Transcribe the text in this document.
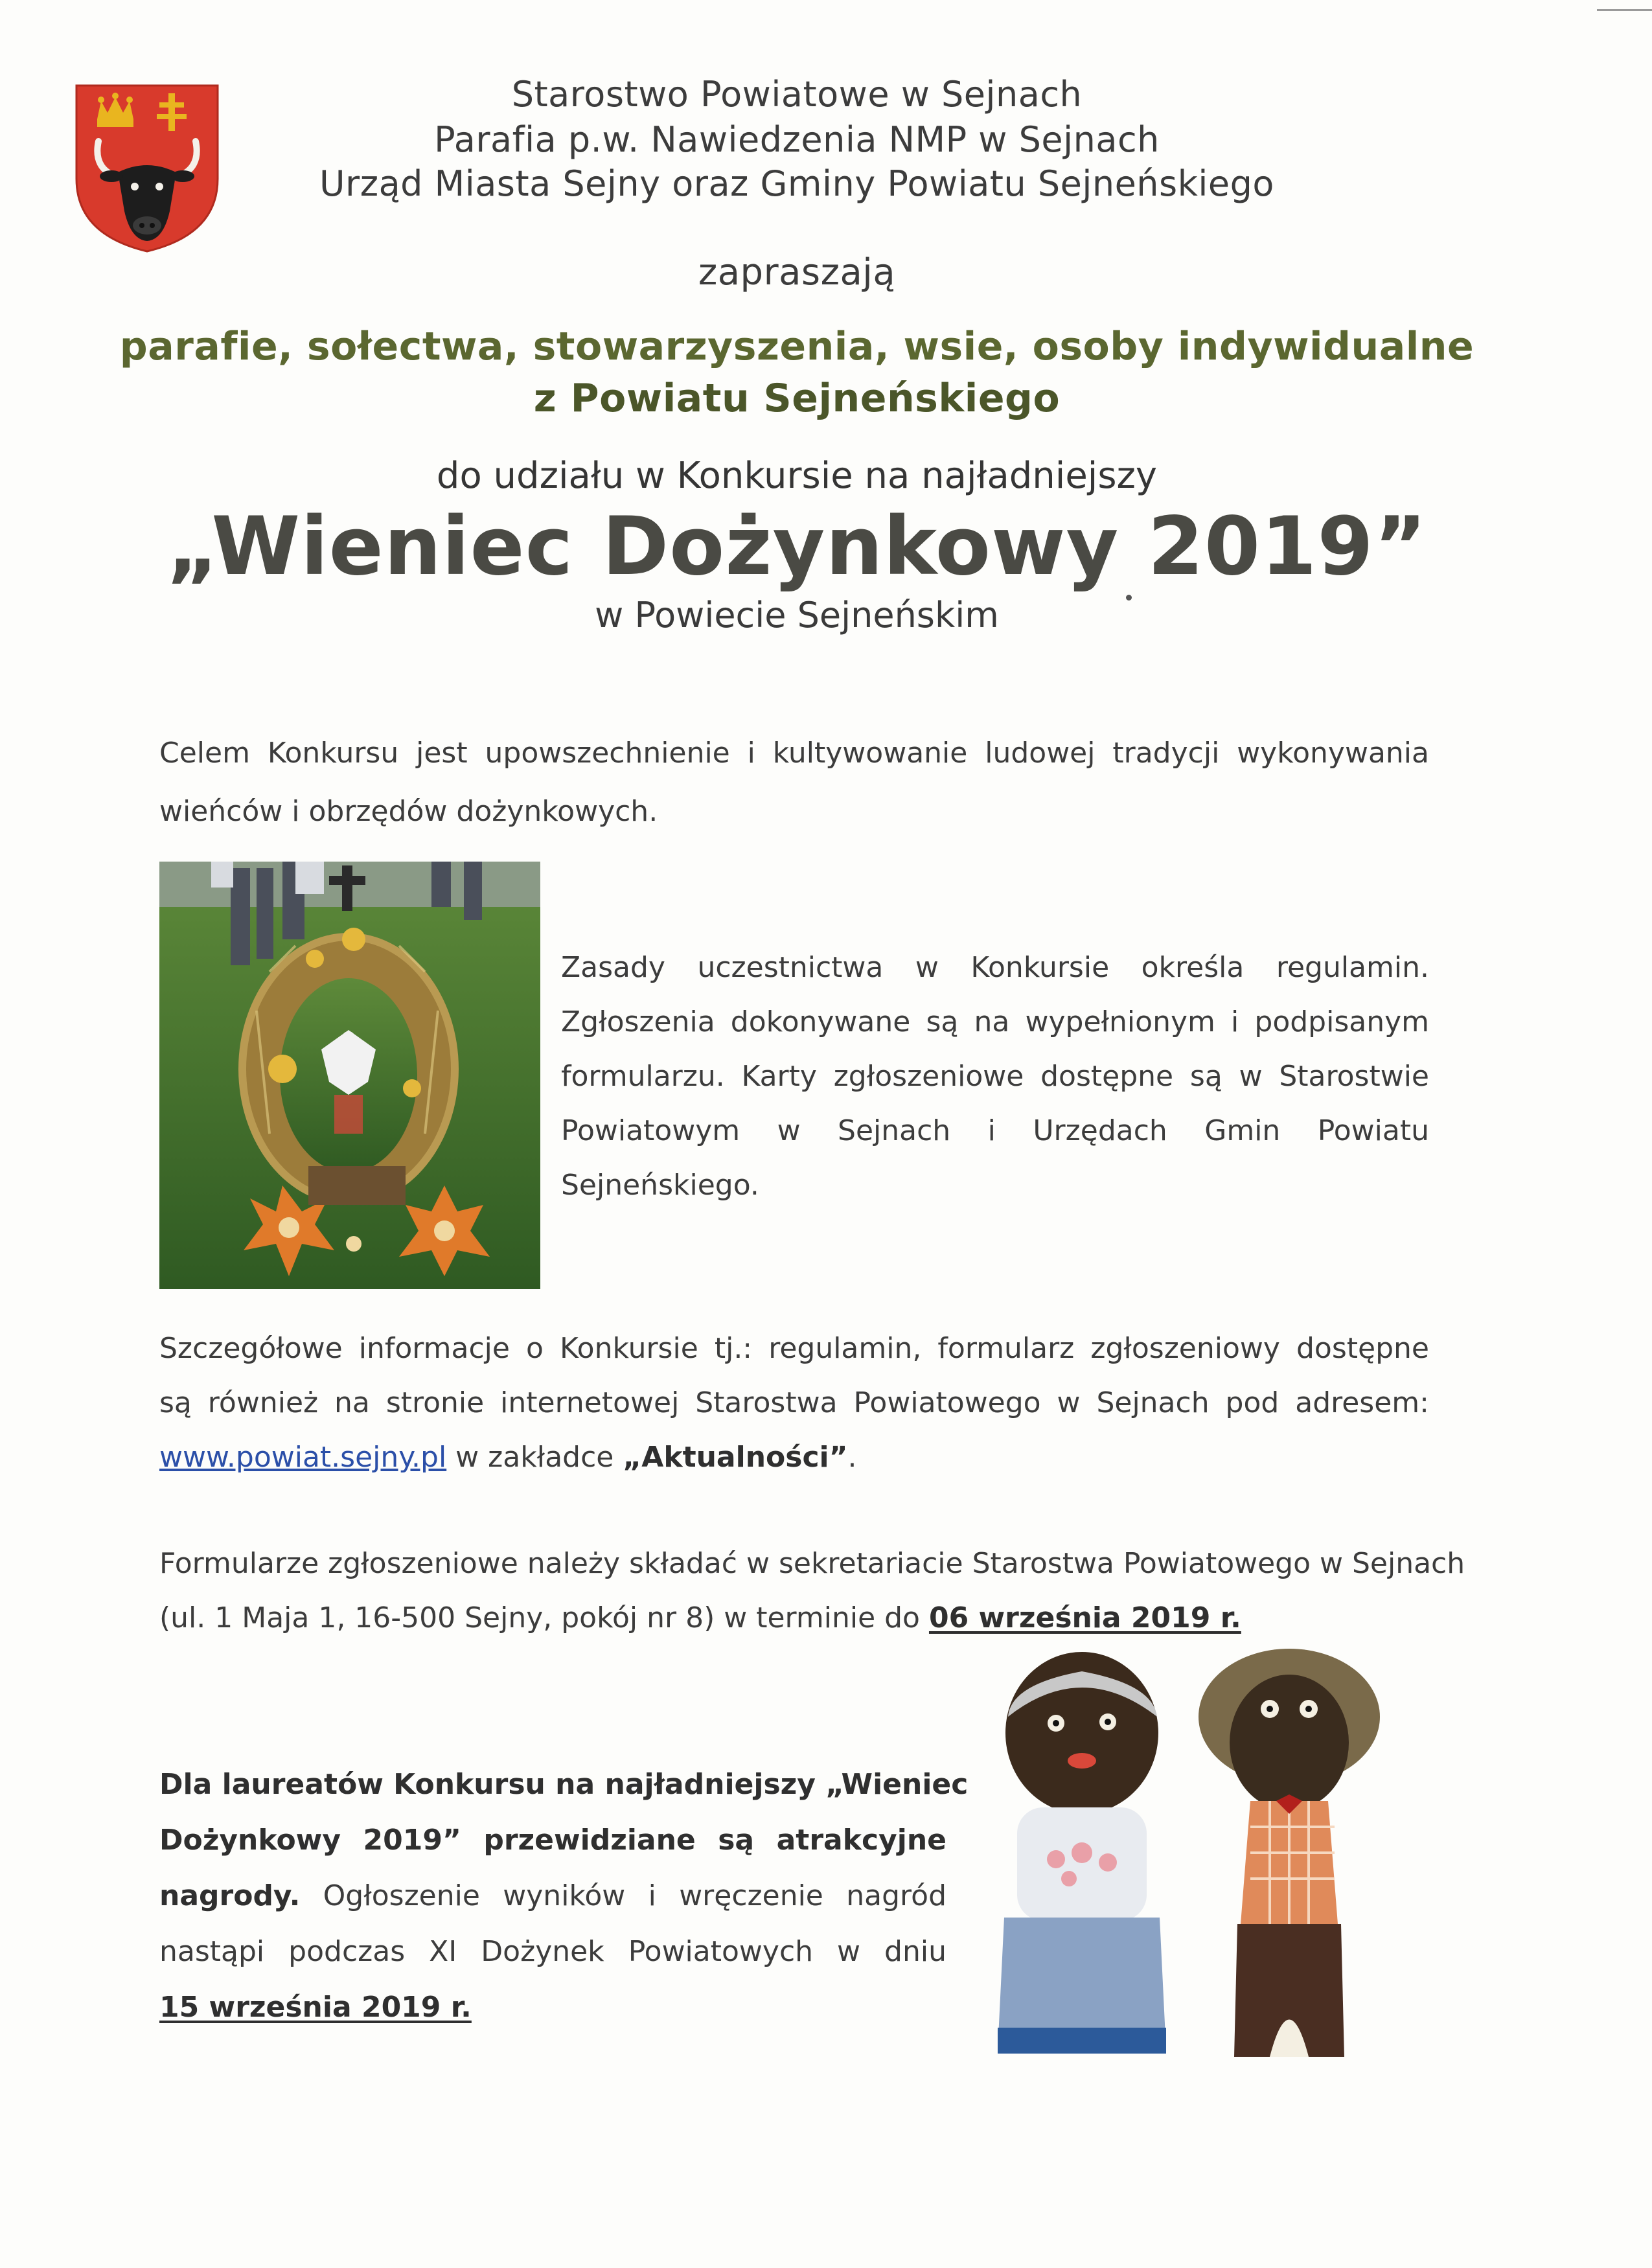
Starostwo Powiatowe w Sejnach
Parafia p.w. Nawiedzenia NMP w Sejnach
Urząd Miasta Sejny oraz Gminy Powiatu Sejneńskiego
zapraszają
parafie, sołectwa, stowarzyszenia, wsie, osoby indywidualne
z Powiatu Sejneńskiego
do udziału w Konkursie na najładniejszy
„Wieniec Dożynkowy 2019”
w Powiecie Sejneńskim
Celem Konkursu jest upowszechnienie i kultywowanie ludowej tradycji wykonywania
wieńców i obrzędów dożynkowych.
Zasady uczestnictwa w Konkursie określa regulamin.
Zgłoszenia dokonywane są na wypełnionym i podpisanym
formularzu. Karty zgłoszeniowe dostępne są w Starostwie
Powiatowym w Sejnach i Urzędach Gmin Powiatu
Sejneńskiego.
Szczegółowe informacje o Konkursie tj.: regulamin, formularz zgłoszeniowy dostępne
są również na stronie internetowej Starostwa Powiatowego w Sejnach pod adresem:
www.powiat.sejny.pl w zakładce „Aktualności”.
Formularze zgłoszeniowe należy składać w sekretariacie Starostwa Powiatowego w Sejnach
(ul. 1 Maja 1, 16-500 Sejny, pokój nr 8) w terminie do 06 września 2019 r.
Dla laureatów Konkursu na najładniejszy „Wieniec
Dożynkowy 2019” przewidziane są atrakcyjne
nagrody. Ogłoszenie wyników i wręczenie nagród
nastąpi podczas XI Dożynek Powiatowych w dniu
15 września 2019 r.
